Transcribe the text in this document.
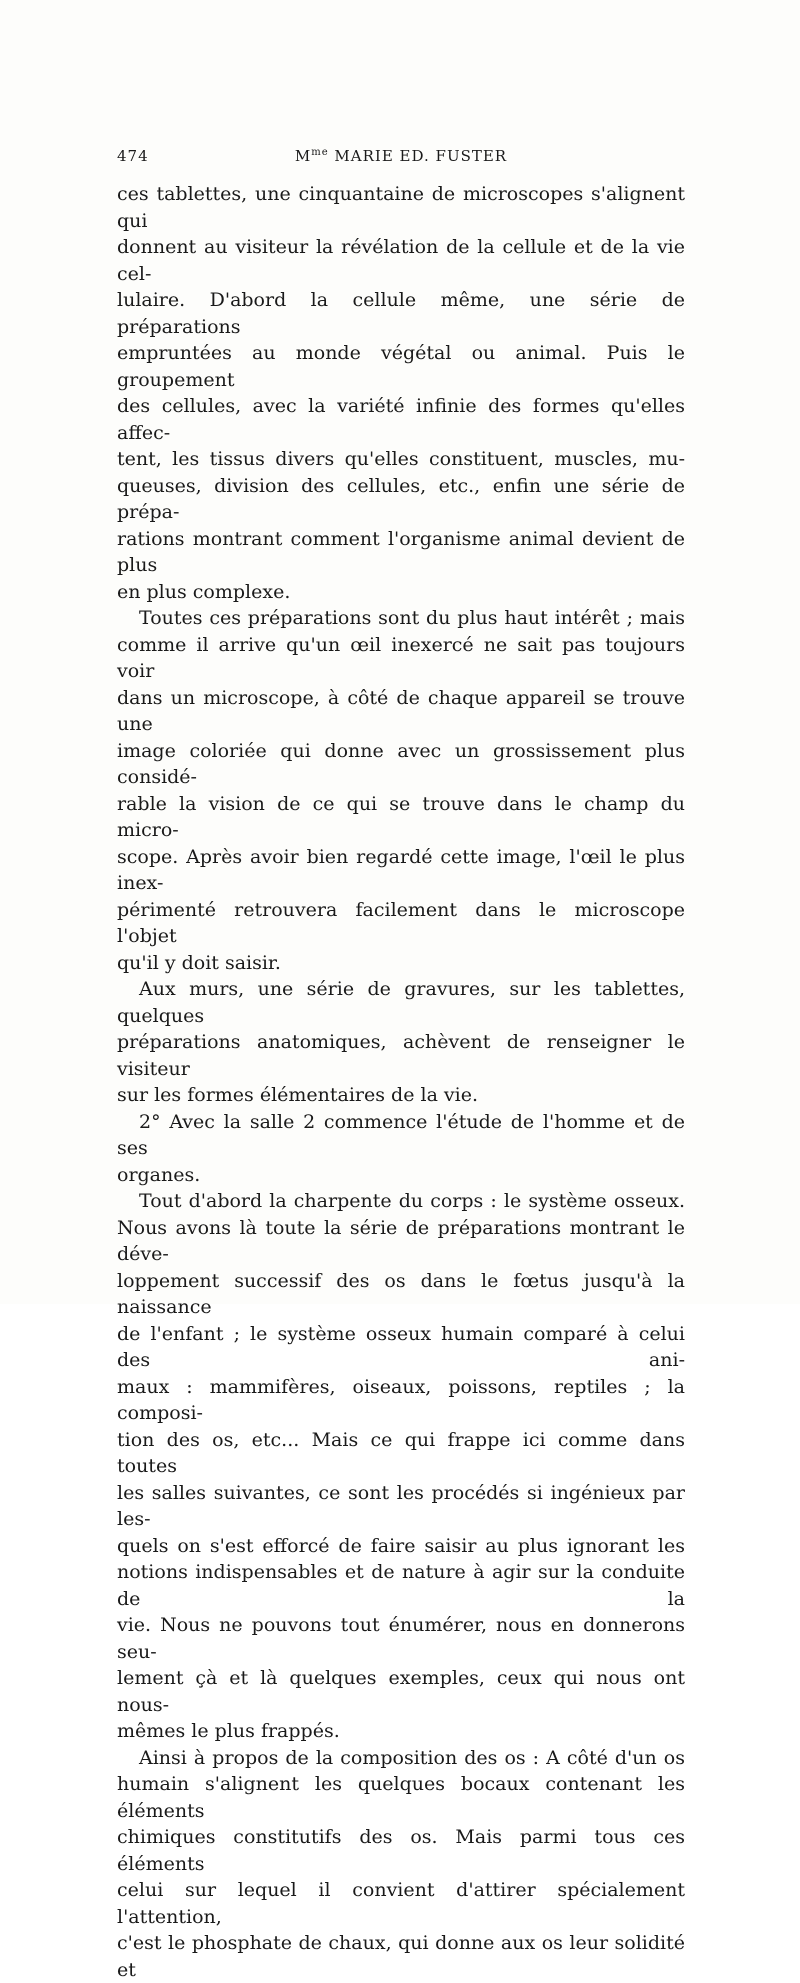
474	$M^{me}$ MARIE ED. FUSTER

ces tablettes, une cinquantaine de microscopes s'alignent qui

donnent au visiteur la révélation de la cellule et de la vie cel-

lulaire. D'abord la cellule même, une série de préparations

empruntées au monde végétal ou animal. Puis le groupement

des cellules, avec la variété infinie des formes qu'elles affec-

tent, les tissus divers qu'elles constituent, muscles, mu-

queuses, division des cellules, etc., enfin une série de prépa-

rations montrant comment l'organisme animal devient de plus

en plus complexe.

Toutes ces préparations sont du plus haut intérêt ; mais

comme il arrive qu'un œil inexercé ne sait pas toujours voir

dans un microscope, à côté de chaque appareil se trouve une

image coloriée qui donne avec un grossissement plus considé-

rable la vision de ce qui se trouve dans le champ du micro-

scope. Après avoir bien regardé cette image, l'œil le plus inex-

périmenté retrouvera facilement dans le microscope l'objet

qu'il y doit saisir.

Aux murs, une série de gravures, sur les tablettes, quelques

préparations anatomiques, achèvent de renseigner le visiteur

sur les formes élémentaires de la vie.

2° Avec la salle 2 commence l'étude de l'homme et de ses

organes.

Tout d'abord la charpente du corps : le système osseux.

Nous avons là toute la série de préparations montrant le déve-

loppement successif des os dans le fœtus jusqu'à la naissance

de l'enfant ; le système osseux humain comparé à celui des ani-

maux : mammifères, oiseaux, poissons, reptiles ; la composi-

tion des os, etc... Mais ce qui frappe ici comme dans toutes

les salles suivantes, ce sont les procédés si ingénieux par les-

quels on s'est efforcé de faire saisir au plus ignorant les

notions indispensables et de nature à agir sur la conduite de la

vie. Nous ne pouvons tout énumérer, nous en donnerons seu-

lement çà et là quelques exemples, ceux qui nous ont nous-

mêmes le plus frappés.

Ainsi à propos de la composition des os : A côté d'un os

humain s'alignent les quelques bocaux contenant les éléments

chimiques constitutifs des os. Mais parmi tous ces éléments

celui sur lequel il convient d'attirer spécialement l'attention,

c'est le phosphate de chaux, qui donne aux os leur solidité et
